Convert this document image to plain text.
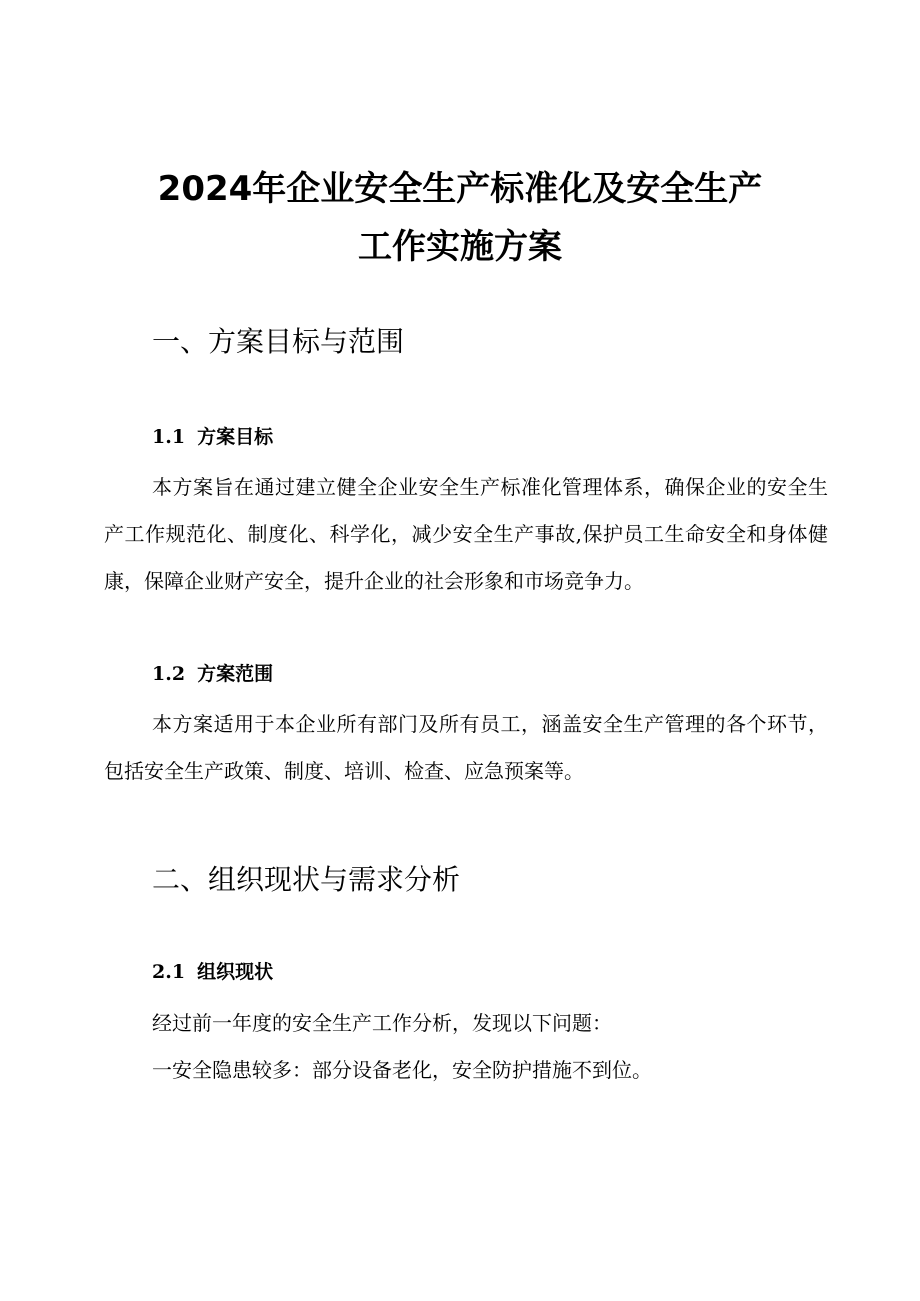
2024年企业安全生产标准化及安全生产
工作实施方案
一、方案目标与范围
1.1 方案目标

本方案旨在通过建立健全企业安全生产标准化管理体系，确保企业的安全生产工作规范化、制度化、科学化，减少安全生产事故,保护员工生命安全和身体健康，保障企业财产安全，提升企业的社会形象和市场竞争力。

1.2 方案范围

本方案适用于本企业所有部门及所有员工，涵盖安全生产管理的各个环节，包括安全生产政策、制度、培训、检查、应急预案等。

二、组织现状与需求分析
2.1 组织现状

经过前一年度的安全生产工作分析，发现以下问题：

一安全隐患较多：部分设备老化，安全防护措施不到位。
